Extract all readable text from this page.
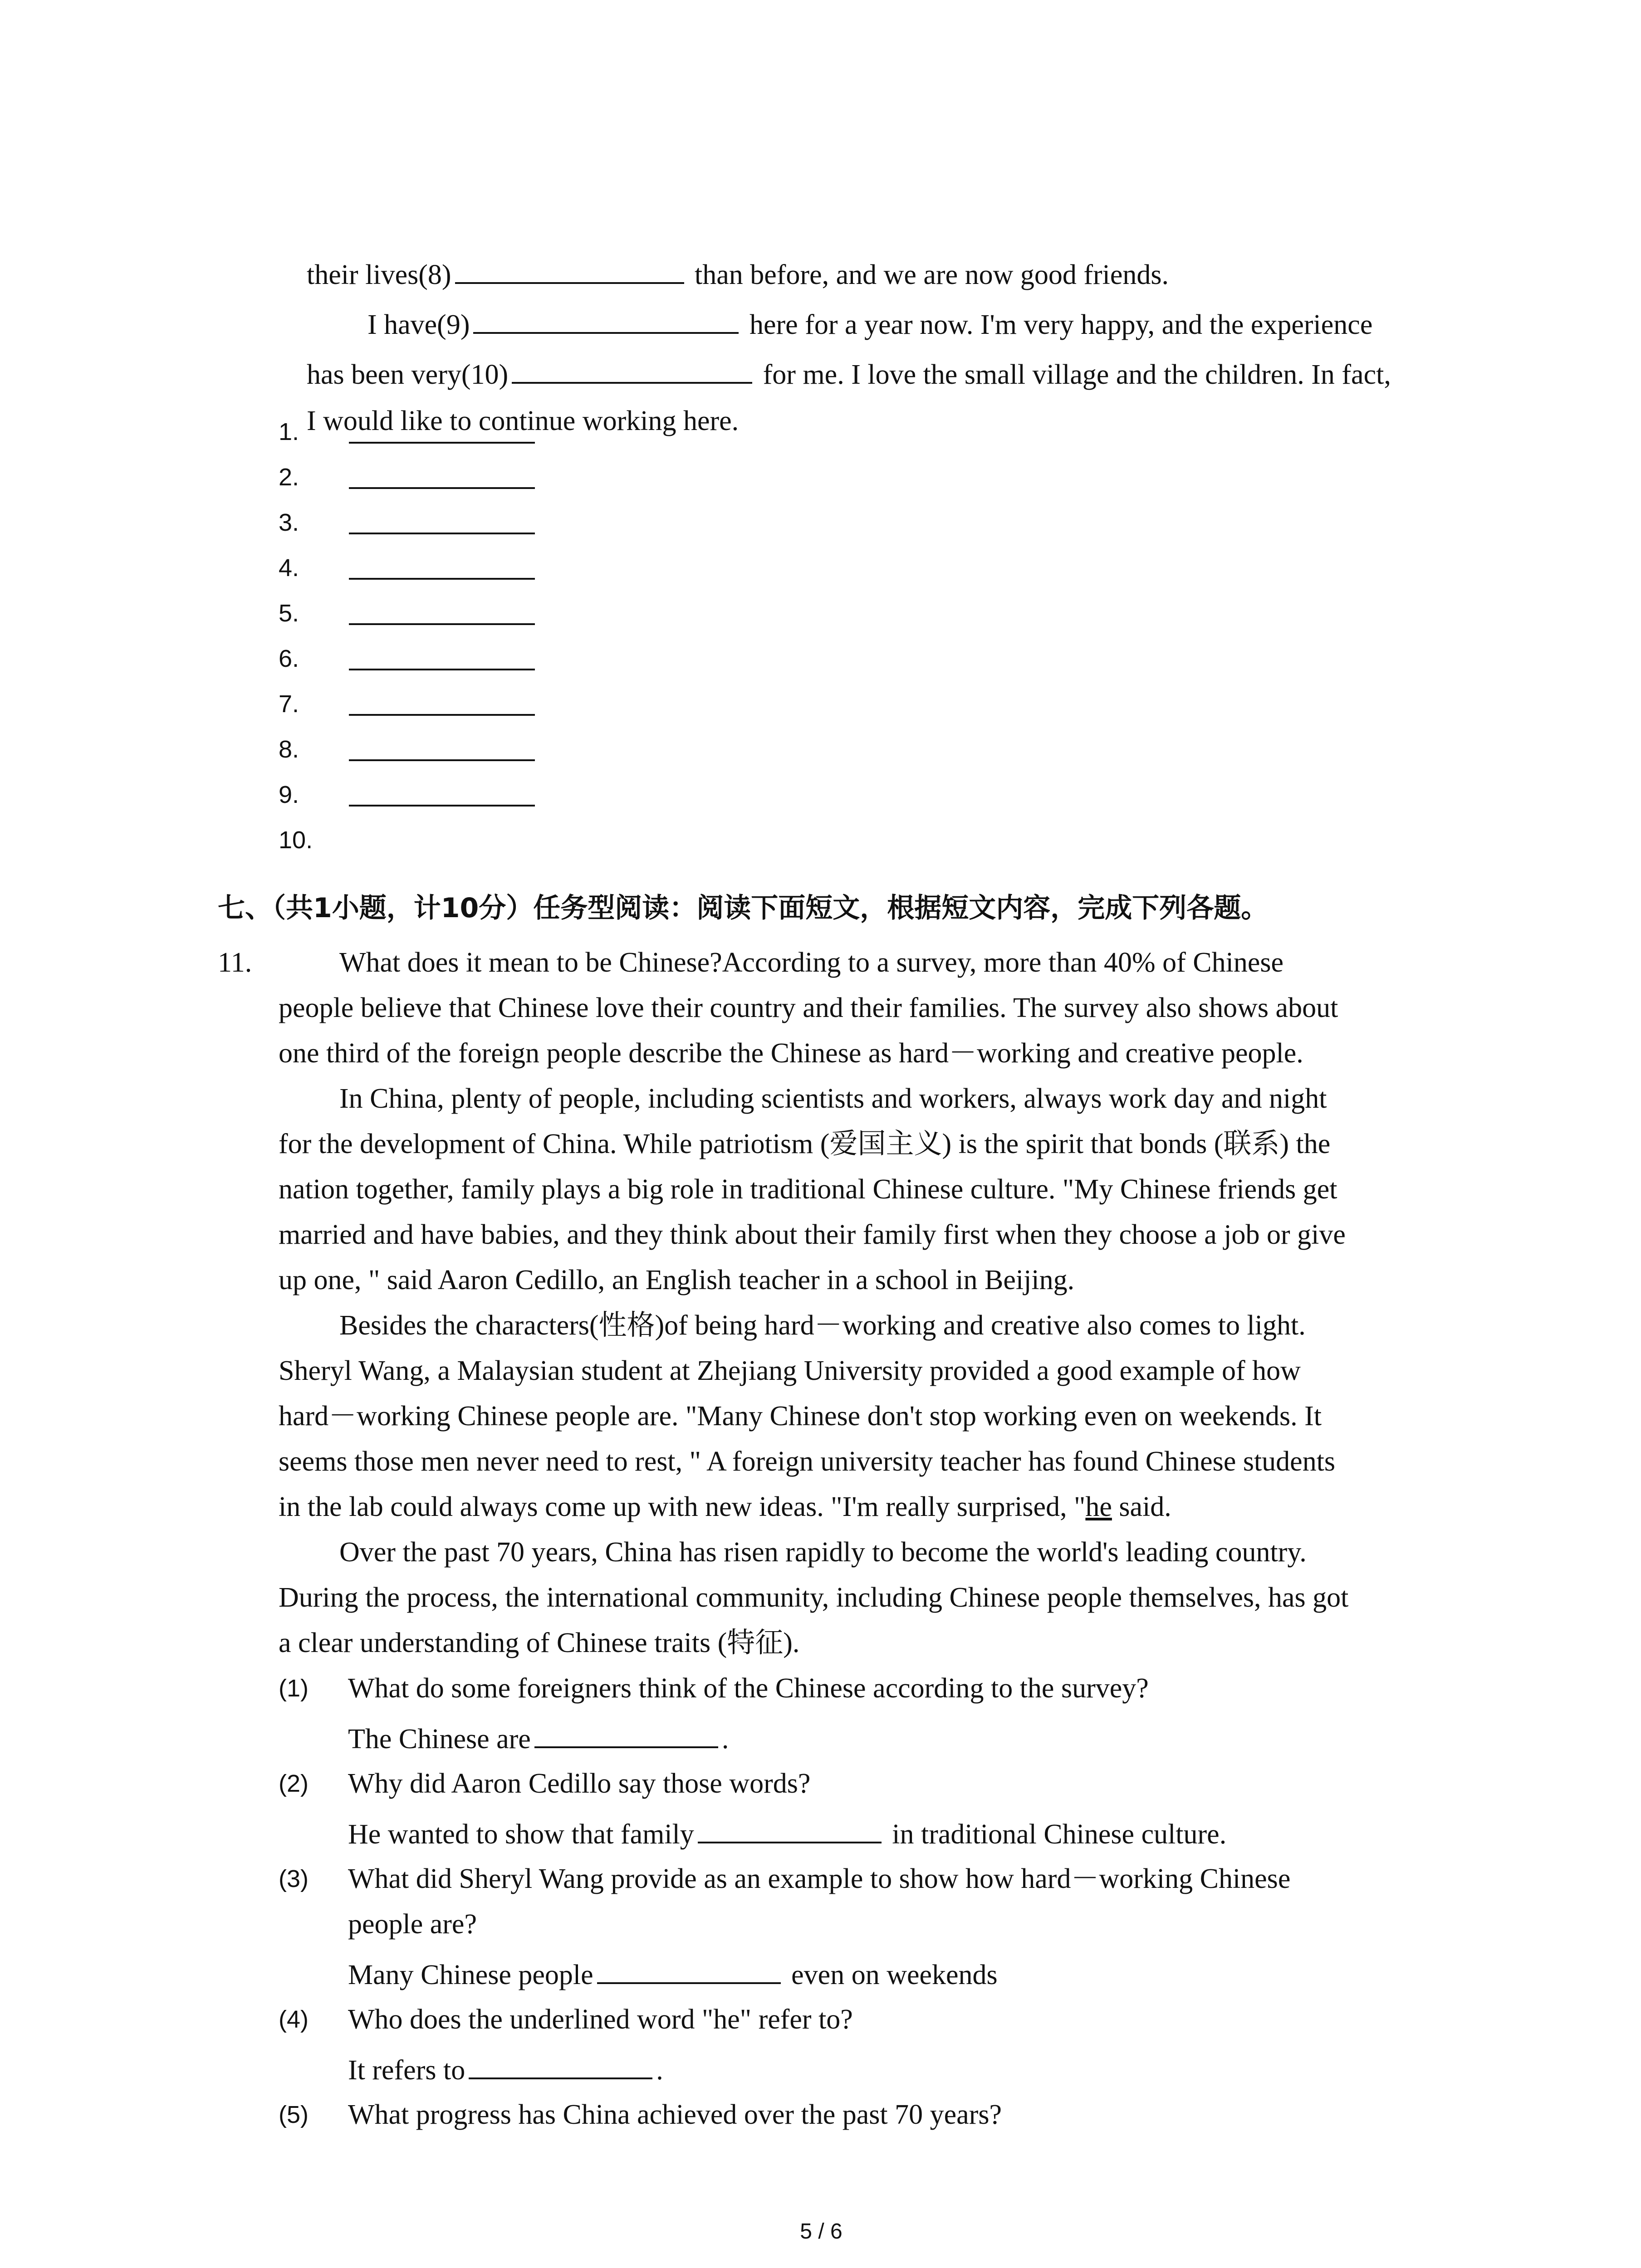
their lives(8)	than before, and we are now good friends.

I have(9)	here for a year now. I'm very happy, and the experience

has been very(10)	for me. I love the small village and the children. In fact,

I would like to continue working here.

1.
2.
3.
4.
5.
6.
7.
8.
9.
10.
七、（共1小题，计10分）任务型阅读：阅读下面短文，根据短文内容，完成下列各题。
11.	What does it mean to be Chinese?According to a survey, more than 40% of Chinese
people believe that Chinese love their country and their families. The survey also shows about
one third of the foreign people describe the Chinese as hard－working and creative people.
In China, plenty of people, including scientists and workers, always work day and night
for the development of China. While patriotism (爱国主义) is the spirit that bonds (联系) the
nation together, family plays a big role in traditional Chinese culture. "My Chinese friends get
married and have babies, and they think about their family first when they choose a job or give
up one, " said Aaron Cedillo, an English teacher in a school in Beijing.
Besides the characters(性格)of being hard－working and creative also comes to light.
Sheryl Wang, a Malaysian student at Zhejiang University provided a good example of how
hard－working Chinese people are. "Many Chinese don't stop working even on weekends. It
seems those men never need to rest, " A foreign university teacher has found Chinese students
in the lab could always come up with new ideas. "I'm really surprised, "he said.
Over the past 70 years, China has risen rapidly to become the world's leading country.
During the process, the international community, including Chinese people themselves, has got
a clear understanding of Chinese traits (特征).
(1) What do some foreigners think of the Chinese according to the survey?
The Chinese are	.
(2) Why did Aaron Cedillo say those words?
He wanted to show that family	in traditional Chinese culture.
(3) What did Sheryl Wang provide as an example to show how hard－working Chinese
people are?
Many Chinese people	even on weekends
(4) Who does the underlined word "he" refer to?
It refers to	.
(5) What progress has China achieved over the past 70 years?
5 / 6
